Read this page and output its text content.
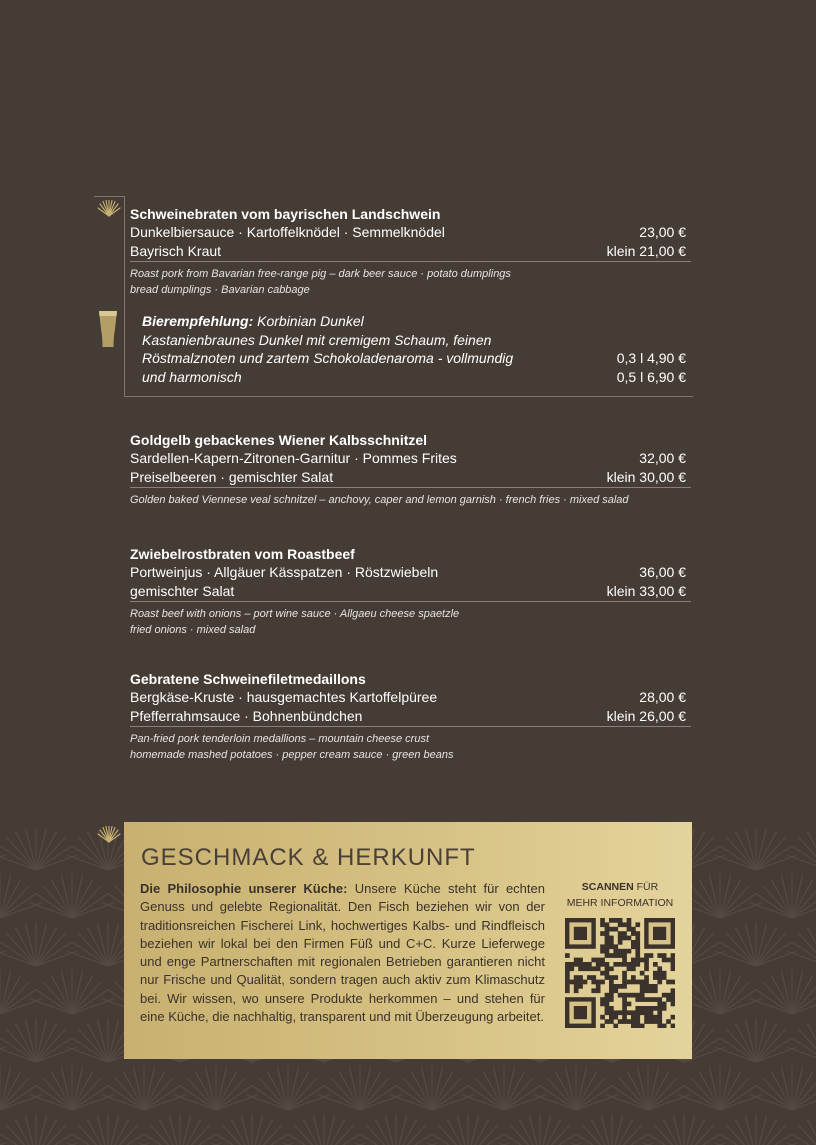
Schweinebraten vom bayrischen Landschwein
Dunkelbiersauce · Kartoffelknödel · Semmelknödel	23,00 €
Bayrisch Kraut	klein 21,00 €
Roast pork from Bavarian free-range pig – dark beer sauce · potato dumplings
bread dumplings · Bavarian cabbage
Bierempfehlung: Korbinian Dunkel
Kastanienbraunes Dunkel mit cremigem Schaum, feinen
Röstmalznoten und zartem Schokoladenaroma - vollmundig	0,3 l 4,90 €
und harmonisch	0,5 l 6,90 €
Goldgelb gebackenes Wiener Kalbsschnitzel
Sardellen-Kapern-Zitronen-Garnitur · Pommes Frites	32,00 €
Preiselbeeren · gemischter Salat	klein 30,00 €
Golden baked Viennese veal schnitzel – anchovy, caper and lemon garnish · french fries · mixed salad
Zwiebelrostbraten vom Roastbeef
Portweinjus · Allgäuer Kässpatzen · Röstzwiebeln	36,00 €
gemischter Salat	klein 33,00 €
Roast beef with onions – port wine sauce · Allgaeu cheese spaetzle
fried onions · mixed salad
Gebratene Schweinefiletmedaillons
Bergkäse-Kruste · hausgemachtes Kartoffelpüree	28,00 €
Pfefferrahmsauce · Bohnenbündchen	klein 26,00 €
Pan-fried pork tenderloin medallions – mountain cheese crust
homemade mashed potatoes · pepper cream sauce · green beans
GESCHMACK & HERKUNFT
Die Philosophie unserer Küche: Unsere Küche steht für echten Genuss und gelebte Regionalität. Den Fisch beziehen wir von der traditionsreichen Fischerei Link, hochwertiges Kalbs- und Rindfleisch beziehen wir lokal bei den Firmen Füß und C+C. Kurze Lieferwege und enge Partnerschaften mit regionalen Betrieben garantieren nicht nur Frische und Qualität, sondern tragen auch aktiv zum Klimaschutz bei. Wir wissen, wo unsere Produkte herkommen – und stehen für eine Küche, die nachhaltig, transparent und mit Überzeugung arbeitet.
SCANNEN FÜR
MEHR INFORMATION
